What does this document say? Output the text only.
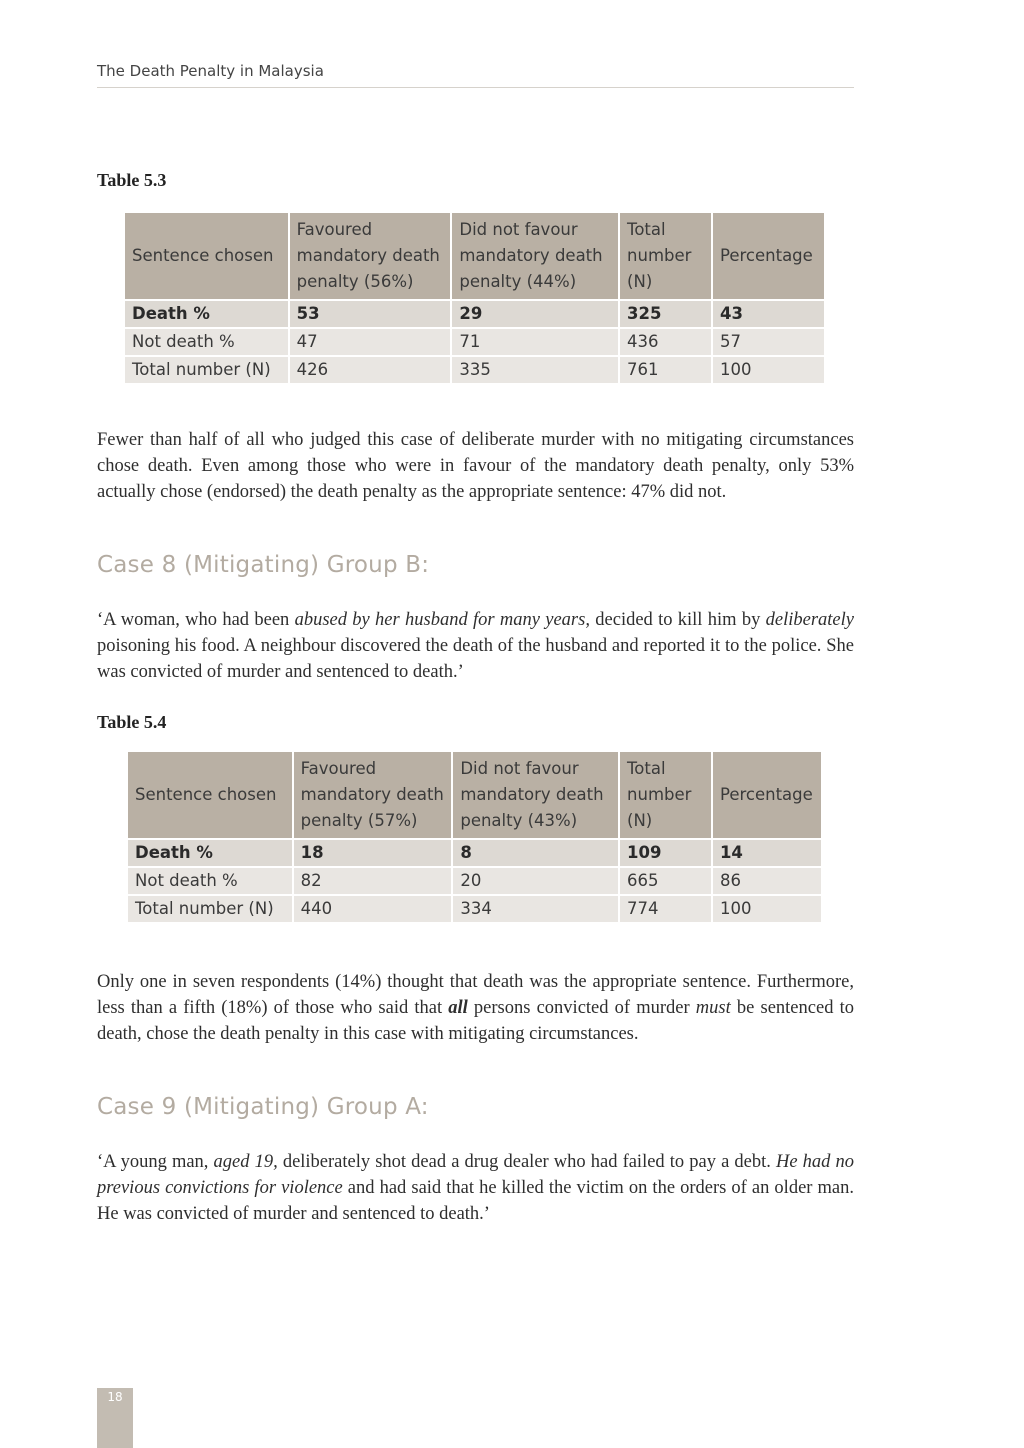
The Death Penalty in Malaysia
Table 5.3
Sentence chosen	Favoured mandatory death penalty (56%)	Did not favour mandatory death penalty (44%)	Total number (N)	Percentage
Death %	53	29	325	43
Not death %	47	71	436	57
Total number (N)	426	335	761	100

Fewer than half of all who judged this case of deliberate murder with no mitigating circumstances chose death. Even among those who were in favour of the mandatory death penalty, only 53% actually chose (endorsed) the death penalty as the appropriate sentence: 47% did not.

Case 8 (Mitigating) Group B:

‘A woman, who had been abused by her husband for many years, decided to kill him by deliberately poisoning his food. A neighbour discovered the death of the husband and reported it to the police. She was convicted of murder and sentenced to death.’

Table 5.4
Sentence chosen	Favoured mandatory death penalty (57%)	Did not favour mandatory death penalty (43%)	Total number (N)	Percentage
Death %	18	8	109	14
Not death %	82	20	665	86
Total number (N)	440	334	774	100

Only one in seven respondents (14%) thought that death was the appropriate sentence. Furthermore, less than a fifth (18%) of those who said that all persons convicted of murder must be sentenced to death, chose the death penalty in this case with mitigating circumstances.

Case 9 (Mitigating) Group A:

‘A young man, aged 19, deliberately shot dead a drug dealer who had failed to pay a debt. He had no previous convictions for violence and had said that he killed the victim on the orders of an older man. He was convicted of murder and sentenced to death.’

18
